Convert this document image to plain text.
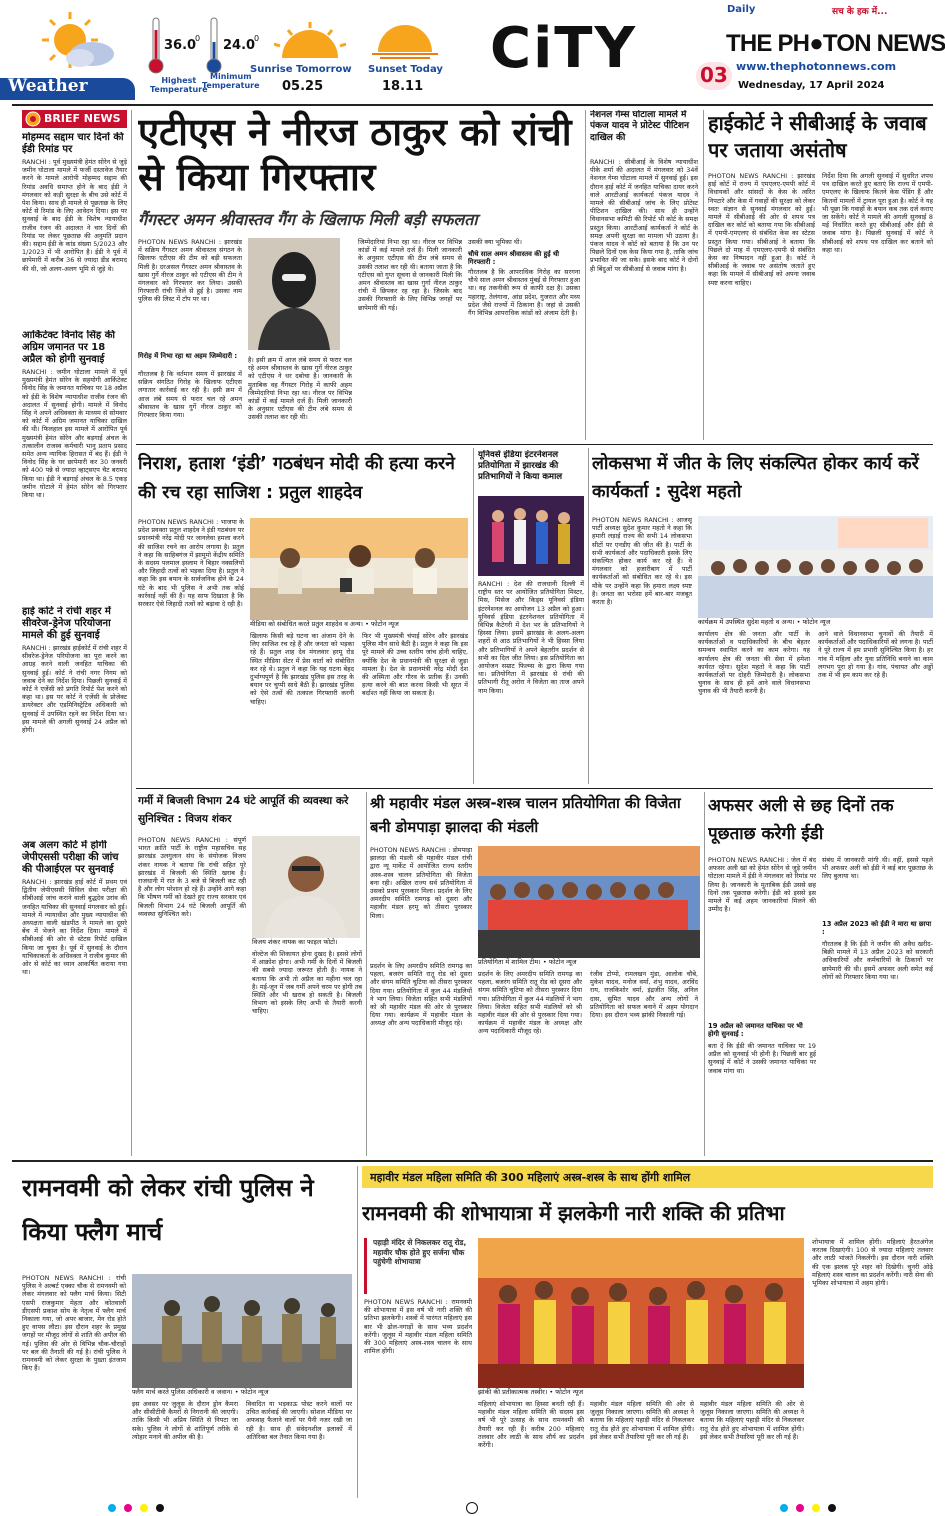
36.0
0
Highest
Temperature
Weather
24.0
0
Minimum
Temperature
Sunrise Tomorrow
05.25
Sunset Today
18.11
CiTY
Daily	सच के हक में...
THE PH●TON NEWS
03 www.thephotonnews.com
Wednesday, 17 April 2024
BRIEF NEWS
मोहम्मद सद्दाम चार दिनों की ईडी रिमांड पर
RANCHI : पूर्व मुख्यमंत्री हेमंत सोरेन से जुड़े जमीन घोटाला मामले में फर्जी दस्तावेज तैयार करने के मामले आरोपी मोहम्मद सद्दाम की रिमांड अवधि समाप्त होने के बाद ईडी ने मंगलवार को कड़ी सुरक्षा के बीच उसे कोर्ट में पेश किया। साथ ही मामले से पूछताछ के लिए कोर्ट से रिमांड के लिए आवेदन दिया। इस पर सुनवाई के बाद ईडी के विशेष न्यायाधीश राजीव रंजन की अदालत ने चार दिनों की रिमांड पर लेकर पूछताछ की अनुमति प्रदान की। सद्दाम ईडी के कांड संख्या 5/2023 और 1/2023 में भी आरोपित है। ईडी ने पूर्व में छापेमारी में करीब 36 से ज्यादा डीड बरामद की थी, जो अलग-अलग भूमि से जुड़े थे।
आर्किटेक्ट विनोद सिंह की अग्रिम जमानत पर 18 अप्रैल को होगी सुनवाई
RANCHI : जमीन घोटाला मामले में पूर्व मुख्यमंत्री हेमंत सोरेन के सहयोगी आर्किटेक्ट विनोद सिंह के जमानत याचिका पर 18 अप्रैल को ईडी के विशेष न्यायाधीश राजीव रंजन की अदालत में सुनवाई होगी। मामले में विनोद सिंह ने अपने अधिवक्ता के माध्यम से सोमवार को कोर्ट में अग्रिम जमानत याचिका दाखिल की थी। फिलहाल इस मामले में आरोपित पूर्व मुख्यमंत्री हेमंत सोरेन और बड़गाई अंचल के तत्कालीन राजस्व कर्मचारी भानु प्रताप प्रसाद समेत अन्य न्यायिक हिरासत में बंद हैं। ईडी ने विनोद सिंह के घर छापेमारी कर 30 जनवरी को 400 पन्ने से ज्यादा व्हाट्सएप चैट बरामद किया था। ईडी ने बड़गाई अंचल के 8.5 एकड़ जमीन घोटाले में हेमंत सोरेन को गिरफ्तार किया था।
हाई कोर्ट ने रांची शहर में सीवरेज-ड्रेनेज परियोजना मामले की हुई सुनवाई
RANCHI : झारखंड हाईकोर्ट में रांची शहर में सीवरेज-ड्रेनेज परियोजना का पूरा करने का आग्रह करने वाली जनहित याचिका की सुनवाई हुई। कोर्ट ने रांची नगर निगम को जवाब देने का निर्देश दिया। पिछली सुनवाई में कोर्ट ने एजेंसी को प्रगति रिपोर्ट पेश करने को कहा था। इस पर कोर्ट ने एजेंसी के प्रोजेक्ट डायरेक्टर और एडमिनिस्ट्रेटिव अधिकारी को सुनवाई में उपस्थित रहने का निर्देश दिया था। इस मामले की अगली सुनवाई 24 अप्रैल को होगी।
अब अलग कोर्ट में होगी जेपीएससी परीक्षा की जांच की पीआईएल पर सुनवाई
RANCHI : झारखंड हाई कोर्ट में प्रथम एवं द्वितीय जेपीएससी सिविल सेवा परीक्षा की सीबीआई जांच कराने वाली बुद्धदेव उरांव की जनहित याचिका की सुनवाई मंगलवार को हुई। मामले में न्यायाधीश और मुख्य न्यायाधीश की अध्यक्षता वाली खंडपीठ ने मामले का दूसरे बेंच में भेजने का निर्देश दिया। मामले में सीबीआई की ओर से स्टेटस रिपोर्ट दाखिल किया जा चुका है। पूर्व में सुनवाई के दौरान याचिकाकर्ता के अधिवक्ता ने राजीव कुमार की ओर से कोर्ट का ध्यान आकर्षित कराया गया था।
एटीएस ने नीरज ठाकुर को रांची से किया गिरफ्तार
गैंगस्टर अमन श्रीवास्तव गैंग के खिलाफ मिली बड़ी सफलता
PHOTON NEWS RANCHI : झारखंड में सक्रिय गैंगस्टर अमन श्रीवास्तव संगठन के खिलाफ एटीएस की टीम को बड़ी सफलता मिली है। दरअसल गैंगस्टर अमन श्रीवास्तव के खास गुर्गे नीरज ठाकुर को एटीएस की टीम ने मंगलवार को गिरफ्तार कर लिया। उसकी गिरफ्तारी रांची जिले से हुई है। उसका नाम पुलिस की लिस्ट में टॉप पर था।
गिरोह में निभा रहा था अहम जिम्मेदारी :
गौरतलब है कि वर्तमान समय में झारखंड में सक्रिय संगठित गिरोह के खिलाफ एटीएस लगातार कार्रवाई कर रही है। इसी क्रम में आज लंबे समय से फरार चल रहे अमन श्रीवास्तव के खास गुर्गे नीरज ठाकुर को गिरफ्तार किया गया।
है। इसी क्रम में आज लंबे समय से फरार चल रहे अमन श्रीवास्तव के खास गुर्गे नीरज ठाकुर को एटीएस ने धर दबोचा है। जानकारी के मुताबिक वह गैंगस्टर गिरोह में काफी अहम जिम्मेदारियां निभा रहा था। नीरज पर विभिन्न कांडों में कई मामले दर्ज हैं। मिली जानकारी के अनुसार एटीएस की टीम लंबे समय से उसकी तलाश कर रही थी।
जिम्मेदारियां निभा रहा था। नीरज पर विभिन्न कांडों में कई मामले दर्ज हैं। मिली जानकारी के अनुसार एटीएस की टीम लंबे समय से उसकी तलाश कर रही थी। बताया जाता है कि एटीएस को गुप्त सूचना से जानकारी मिली कि अमन श्रीवास्तव का खास गुर्गा नीरज ठाकुर रांची में छिपकर रह रहा है। जिसके बाद उसकी गिरफ्तारी के लिए विभिन्न जगहों पर छापेमारी की गई।
उसकी क्या भूमिका थी।
चौथे साल अमन श्रीवास्तव की हुई थी गिरफ्तारी :
गौरतलब है कि आपराधिक गिरोह का सरगना चौथे साल अमन श्रीवास्तव मुंबई से गिरफ्तार हुआ था। वह तकनीकी रूप से काफी दक्ष है। उसका महाराष्ट्र, तेलंगाना, आंध्र प्रदेश, गुजरात और मध्य प्रदेश जैसे राज्यों में ठिकाना है। जहां से उसकी गैंग विभिन्न आपराधिक कांडों को अंजाम देती है।
नेशनल गेम्स घोटाला मामले में पंकज यादव ने प्रोटेस्ट पीटिशन दाखिल की
RANCHI : सीबीआई के विशेष न्यायाधीश पीके शर्मा की अदालत में मंगलवार को 34वें नेशनल गेम्स घोटाला मामले में सुनवाई हुई। इस दौरान हाई कोर्ट में जनहित याचिका दायर करने वाले आरटीआई कार्यकर्ता पंकज यादव ने मामले की सीबीआई जांच के लिए प्रोटेस्ट पीटिशन दाखिल की। साथ ही उन्होंने विधानसभा कमिटी की रिपोर्ट भी कोर्ट के समक्ष प्रस्तुत किया। आरटीआई कार्यकर्ता ने कोर्ट के समक्ष अपनी सुरक्षा का मामला भी उठाया है। पंकज यादव ने कोर्ट को बताया है कि उन पर पिछले दिनों एक केस किया गया है, ताकि जांच प्रभावित की जा सके। इसके बाद कोर्ट ने दोनों ही बिंदुओं पर सीबीआई से जवाब मांगा है।
हाईकोर्ट ने सीबीआई के जवाब पर जताया असंतोष
PHOTON NEWS RANCHI : झारखंड हाई कोर्ट में राज्य में एमएलए-एमपी कोर्ट में विधायकों और सांसदों के केस के त्वरित निपटारे और केस में गवाहों की सुरक्षा को लेकर स्वतः संज्ञान से सुनवाई मंगलवार को हुई। मामले में सीबीआई की ओर से शपथ पत्र दाखिल कर कोर्ट को बताया गया कि सीबीआई में एमपी-एमएलए से संबंधित केस का स्टेटस प्रस्तुत किया गया। सीबीआई ने बताया कि पिछले दो माह में एमएलए-एमपी से संबंधित केस का निष्पादन नहीं हुआ है। कोर्ट ने सीबीआई के जवाब पर असंतोष जताते हुए कहा कि मामले में सीबीआई को अपना जवाब स्पष्ट करना चाहिए।
निर्देश दिया कि अगली सुनवाई में सुधरित शपथ पत्र दाखिल करते हुए बताएं कि राज्य में एमपी-एमएलए के खिलाफ कितने केस पेंडिंग हैं और कितनों मामलों में ट्रायल पूरा हुआ है। कोर्ट ने यह भी पूछा कि गवाहों के बयान कब तक दर्ज कराए जा सकेंगे। कोर्ट ने मामले की अगली सुनवाई 8 मई निर्धारित करते हुए सीबीआई और ईडी से जवाब मांगा है। पिछली सुनवाई में कोर्ट ने सीबीआई को शपथ पत्र दाखिल कर बताने को कहा था।
निराश, हताश ‘इंडी’ गठबंधन मोदी की हत्या करने की रच रहा साजिश : प्रतुल शाहदेव
PHOTON NEWS RANCHI : भाजपा के प्रदेश प्रवक्ता प्रतुल शाहदेव ने इंडी गठबंधन पर प्रधानमंत्री नरेंद्र मोदी पर जानलेवा हमला करने की साजिश रचने का आरोप लगाया है। प्रतुल ने कहा कि साहिबगंज में झामुमो केंद्रीय समिति के सदस्य पलमाल इस्लाम ने बिहार नक्सलियों और जिहादी तत्वों को भड़का दिया है। प्रतुल ने कहा कि इस बयान के सार्वजनिक होने के 24 घंटे के बाद भी पुलिस ने अभी तक कोई कार्रवाई नहीं की है। यह साफ दिखाता है कि सरकार ऐसे जिहादी तत्वों को बढ़ावा दे रही है।
मीडिया को संबोधित करते प्रतुल शाहदेव व अन्य। • फोटोन न्यूज
खिलाफ किसी बड़े घटना का अंजाम देने के लिए साजिश रच रहे हैं और जनता को भड़का रहे हैं। प्रतुल शाह देव मंगलवार हरमू रोड स्थित मीडिया सेंटर में प्रेस वार्ता को संबोधित कर रहे थे। प्रतुल ने कहा कि यह घटना बेहद दुर्भाग्यपूर्ण है कि झारखंड पुलिस इस तरह के बयान पर चुप्पी साधे बैठी है। झारखंड पुलिस को ऐसे तत्वों की तत्काल गिरफ्तारी करनी चाहिए।
फिर भी मुख्यमंत्री चंपाई सोरेन और झारखंड पुलिस मौन साधे बैठी है। प्रतुल ने कहा कि इस पूरे मामले की उच्च स्तरीय जांच होनी चाहिए, क्योंकि देश के प्रधानमंत्री की सुरक्षा से जुड़ा मामला है। देश के प्रधानमंत्री नरेंद्र मोदी देश की अस्मिता और गौरव के प्रतीक हैं। उनकी हत्या करने की बात करना किसी भी सूरत में बर्दाश्त नहीं किया जा सकता है।
यूनिवर्स इंडिया इंटरनेशनल प्रतियोगिता में झारखंड की प्रतिभागियों ने किया कमाल
RANCHI : देश की राजधानी दिल्ली में राष्ट्रीय स्तर पर आयोजित प्रतियोगिता मिस्टर, मिस, मिसेज और किड्स यूनिवर्स इंडिया इंटरनेशनल का आयोजन 13 अप्रैल को हुआ। यूनिवर्स इंडिया इंटरनेशनल प्रतियोगिता में विभिन्न कैटेगरी में देश भर के प्रतिभागियों ने हिस्सा लिया। इसमें झारखंड के अलग-अलग शहरों से आठ प्रतिभागियों ने भी हिस्सा लिया और प्रतिभागियों ने अपने बेहतरीन प्रदर्शन से सभी का दिल जीत लिया। इस प्रतियोगिता का आयोजन सम्राट फिल्म्स के द्वारा किया गया था। प्रतियोगिता में झारखंड से रांची की प्रतिभागी रीतू अरोरा ने विजेता का ताज अपने नाम किया।
लोकसभा में जीत के लिए संकल्पित होकर कार्य करें कार्यकर्ता : सुदेश महतो
PHOTON NEWS RANCHI : आजसू पार्टी अध्यक्ष सुदेश कुमार महतो ने कहा कि हमारी लड़ाई राज्य की सभी 14 लोकसभा सीटों पर एनडीए की जीत की है। पार्टी के सभी कार्यकर्ता और पदाधिकारी इसके लिए संकल्पित होकर कार्य कर रहे हैं। वे मंगलवार को हजारीबाग में पार्टी कार्यकर्ताओं को संबोधित कर रहे थे। इस मौके पर उन्होंने कहा कि हमारा लक्ष्य स्पष्ट है। जनता का भरोसा हमें बार-बार मजबूत करता है।
कार्यक्रम में उपस्थित सुदेश महतो व अन्य। • फोटोन न्यूज
कार्यालय क्षेत्र की जनता और पार्टी के कार्यकर्ताओं व पदाधिकारियों के बीच बेहतर समन्वय स्थापित करने का काम करेगा। यह कार्यालय क्षेत्र की जनता की सेवा में हमेशा कार्यरत रहेगा। सुदेश महतो ने कहा कि पार्टी कार्यकर्ताओं पर दोहरी जिम्मेदारी है। लोकसभा चुनाव के साथ ही हमें आने वाले विधानसभा चुनाव की भी तैयारी करनी है।
आने वाले विधानसभा चुनावों की तैयारी में कार्यकर्ताओं और पदाधिकारियों को लगना है। पार्टी ने पूरे राज्य में हम प्रभारी सुनिश्चित किया है। हर गांव में महिला और युवा प्रतिनिधि बनाने का काम लगभग पूरा हो गया है। गांव, पंचायत और अड्डों तक में भी हम काम कर रहे हैं।
गर्मी में बिजली विभाग 24 घंटे आपूर्ति की व्यवस्था करे सुनिश्चित : विजय शंकर
PHOTON NEWS RANCHI : संपूर्ण भारत क्रांति पार्टी के राष्ट्रीय महासचिव सह झारखंड उलगुलान संघ के संयोजक विजय शंकर नायक ने बताया कि रांची सहित पूरे झारखंड में बिजली की स्थिति खराब है। राजधानी में रात के 3 बजे से बिजली कट रही है और लोग परेशान हो रहे हैं। उन्होंने आगे कहा कि भीषण गर्मी को देखते हुए राज्य सरकार एवं बिजली विभाग 24 घंटे बिजली आपूर्ति की व्यवस्था सुनिश्चित करे।
विजय शंकर नायक का फाइल फोटो।
वोल्टेज की शिकायत होना दुखद है। इससे लोगों में आक्रोश होगा। अभी गर्मी के दिनों में बिजली की सबसे ज्यादा जरूरत होती है। नायक ने बताया कि अभी तो अप्रैल का महीना चल रहा है। मई-जून में जब गर्मी अपने चरम पर होगी तब स्थिति और भी खराब हो सकती है। बिजली विभाग को इसके लिए अभी से तैयारी करनी चाहिए।
श्री महावीर मंडल अस्त्र-शस्त्र चालन प्रतियोगिता की विजेता बनी डोमपाड़ा झालदा की मंडली
PHOTON NEWS RANCHI : डोमपाड़ा झालदा की मंडली श्री महावीर मंडल रांची द्वारा न्यू मार्केट में आयोजित राज्य स्तरीय अस्त्र-शस्त्र चालन प्रतियोगिता की विजेता बना रही। अखिल राज्य सर्व प्रतियोगिता में उसको प्रथम पुरस्कार मिला। प्रदर्शन के लिए अमरदीप समिति रामगढ़ को दूसरा और महावीर मंडल हरमू को तीसरा पुरस्कार मिला।
प्रतियोगिता में शामिल टीम। • फोटोन न्यूज
प्रदर्शन के लिए अमरदीप समिति रामगढ़ का पहला, बजरंग समिति रातू रोड को दूसरा और संगम समिति चुटिया को तीसरा पुरस्कार दिया गया। प्रतियोगिता में कुल 44 मंडलियों ने भाग लिया। विजेता सहित सभी मंडलियों को श्री महावीर मंडल की ओर से पुरस्कार दिया गया। कार्यक्रम में महावीर मंडल के अध्यक्ष और अन्य पदाधिकारी मौजूद रहे।
प्रदर्शन के लिए अमरदीप समिति रामगढ़ का पहला, बजरंग समिति रातू रोड को दूसरा और संगम समिति चुटिया को तीसरा पुरस्कार दिया गया। प्रतियोगिता में कुल 44 मंडलियों ने भाग लिया। विजेता सहित सभी मंडलियों को श्री महावीर मंडल की ओर से पुरस्कार दिया गया। कार्यक्रम में महावीर मंडल के अध्यक्ष और अन्य पदाधिकारी मौजूद रहे।
रंजीव टोप्पो, रामलखन मुंडा, आलोक चौबे, मुकेश यादव, मनोज वर्मा, शंभु यादव, अरविंद राय, राजकिशोर वर्मा, इंद्रजीत सिंह, अनिल दास, सुमित यादव और अन्य लोगों ने प्रतियोगिता को सफल बनाने में अहम योगदान दिया। इस दौरान भव्य झांकी निकाली गई।
अफसर अली से छह दिनों तक पूछताछ करेगी ईडी
PHOTON NEWS RANCHI : जेल में बंद अफसर अली खां को हेमंत सोरेन से जुड़े जमीन घोटाला मामले में ईडी ने मंगलवार को रिमांड पर लिया है। जानकारी के मुताबिक ईडी उससे छह दिनों तक पूछताछ करेगी। ईडी को इससे इस मामले में कई अहम जानकारियां मिलने की उम्मीद है।
19 अप्रैल को जमानत याचिका पर भी होगी सुनवाई :
बता दें कि ईडी की जमानत याचिका पर 19 अप्रैल को सुनवाई भी होनी है। पिछली बार हुई सुनवाई में कोर्ट ने उसकी जमानत याचिका पर जवाब मांगा था।
संबंध में जानकारी मांगी थी। वहीं, इससे पहले भी अफसर अली को ईडी ने कई बार पूछताछ के लिए बुलाया था।
13 अप्रैल 2023 को ईडी ने मारा था छापा :
गौरतलब है कि ईडी ने जमीन की अवैध खरीद-बिक्री मामले में 13 अप्रैल 2023 को सरकारी अधिकारियों और कर्मचारियों के ठिकानों पर छापेमारी की थी। इसमें अफसर अली समेत कई लोगों को गिरफ्तार किया गया था।
रामनवमी को लेकर रांची पुलिस ने किया फ्लैग मार्च
PHOTON NEWS RANCHI : रांची पुलिस ने अल्बर्ट एक्का चौक से रामनवमी को लेकर मंगलवार को फ्लैग मार्च किया। सिटी एसपी राजकुमार मेहता और कोतवाली डीएसपी प्रकाश सोय के नेतृत्व में फ्लैग मार्च निकाला गया, जो अपर बाजार, मेन रोड होते हुए वापस लौटा। इस दौरान शहर के प्रमुख जगहों पर मौजूद लोगों से शांति की अपील की गई। पुलिस की ओर से विभिन्न चौक-चौराहों पर बल की तैनाती की गई है। रांची पुलिस ने रामनवमी को लेकर सुरक्षा के पुख्ता इंतजाम किए हैं।
फ्लैग मार्च करते पुलिस अधिकारी व जवान। • फोटोन न्यूज
इस अवसर पर जुलूस के दौरान ड्रोन कैमरा और सीसीटीवी कैमरों से निगरानी की जाएगी। ताकि किसी भी अप्रिय स्थिति से निपटा जा सके। पुलिस ने लोगों से शांतिपूर्ण तरीके से त्योहार मनाने की अपील की है।
विवादित या भड़काऊ पोस्ट करने वालों पर उचित कार्रवाई की जाएगी। सोशल मीडिया पर अफवाह फैलाने वालों पर पैनी नजर रखी जा रही है। साथ ही संवेदनशील इलाकों में अतिरिक्त बल तैनात किया गया है।
महावीर मंडल महिला समिति की 300 महिलाएं अस्त्र-शस्त्र के साथ होंगी शामिल
रामनवमी की शोभायात्रा में झलकेगी नारी शक्ति की प्रतिभा
पहाड़ी मंदिर से निकलकर रातू रोड, महावीर चौक होते हुए सर्जना चौक पहुंचेगी शोभायात्रा
PHOTON NEWS RANCHI : रामनवमी की शोभायात्रा में इस वर्ष भी नारी शक्ति की प्रतिभा झलकेगी। शस्त्रों में पारंगत महिलाएं इस बार भी ढोल-नगाड़ों के साथ भव्य प्रदर्शन करेंगी। जुलूस में महावीर मंडल महिला समिति की 300 महिलाएं अस्त्र-शस्त्र चालन के साथ शामिल होंगी।
झांकी की प्रतीकात्मक तस्वीर। • फोटोन न्यूज
महिलाएं शोभायात्रा का हिस्सा बनती रही हैं। महावीर मंडल महिला समिति की सदस्य इस वर्ष भी पूरे उत्साह के साथ रामनवमी की तैयारी कर रही हैं। करीब 200 महिलाएं तलवार और लाठी के साथ शौर्य का प्रदर्शन करेंगी।
महावीर मंडल महिला समिति की ओर से जुलूस निकाला जाएगा। समिति की अध्यक्ष ने बताया कि महिलाएं पहाड़ी मंदिर से निकलकर रातू रोड होते हुए शोभायात्रा में शामिल होंगी। इसे लेकर सभी तैयारियां पूरी कर ली गई हैं।
महावीर मंडल महिला समिति की ओर से जुलूस निकाला जाएगा। समिति की अध्यक्ष ने बताया कि महिलाएं पहाड़ी मंदिर से निकलकर रातू रोड होते हुए शोभायात्रा में शामिल होंगी। इसे लेकर सभी तैयारियां पूरी कर ली गई हैं।
शोभायात्रा में शामिल होंगी। महिलाएं हैरतअंगेज करतब दिखाएंगी। 100 से ज्यादा महिलाएं तलवार और लाठी भांजते निकलेंगी। इस दौरान नारी शक्ति की एक झलक पूरे शहर को दिखेगी। चुनरी ओढ़े महिलाएं शस्त्र चालन का प्रदर्शन करेंगी। नारी सेना की भूमिका शोभायात्रा में अहम होगी।
